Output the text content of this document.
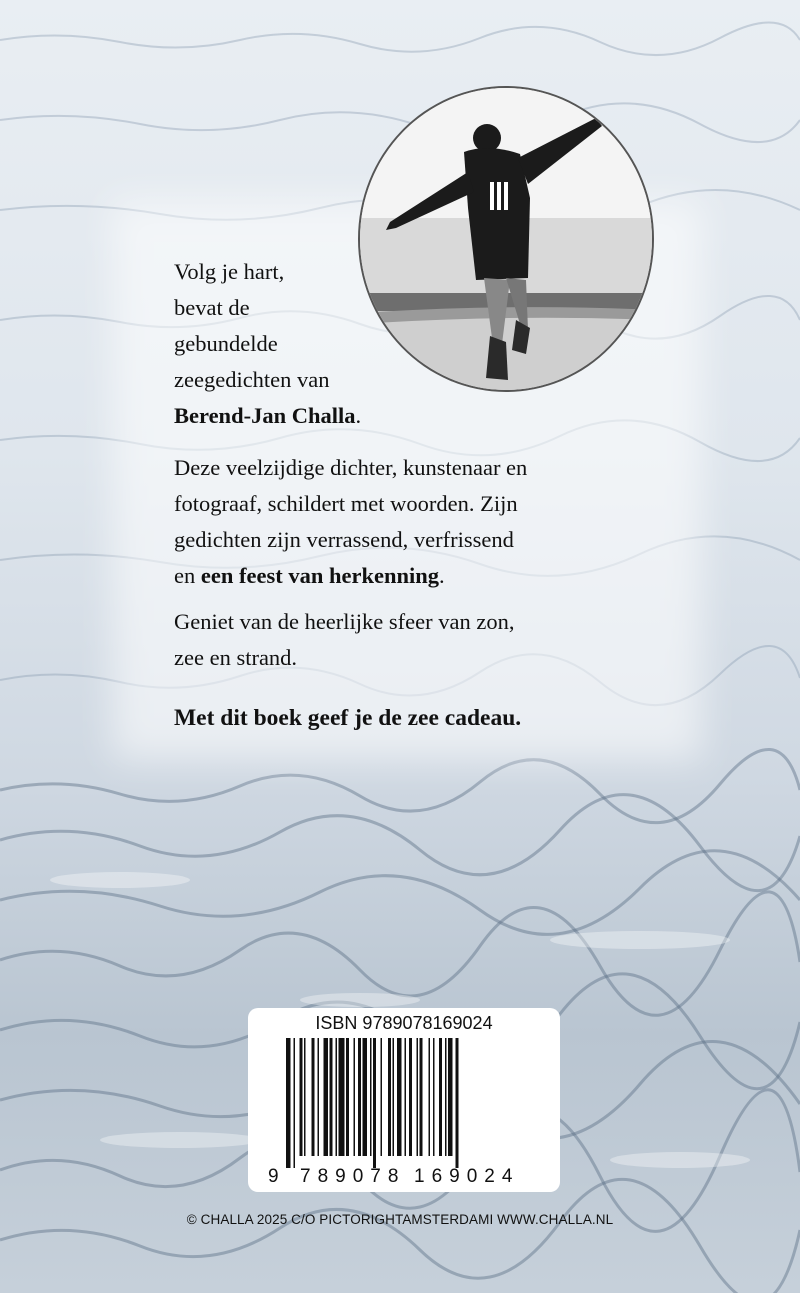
Volg je hart,
bevat de
gebundelde
zeegedichten van
Berend-Jan Challa.
Deze veelzijdige dichter, kunstenaar en
fotograaf, schildert met woorden. Zijn
gedichten zijn verrassend, verfrissend
en een feest van herkenning.
Geniet van de heerlijke sfeer van zon,
zee en strand.
Met dit boek geef je de zee cadeau.
ISBN 9789078169024
9 789078 169024
© CHALLA 2025 C/O PICTORIGHTAMSTERDAMI WWW.CHALLA.NL
